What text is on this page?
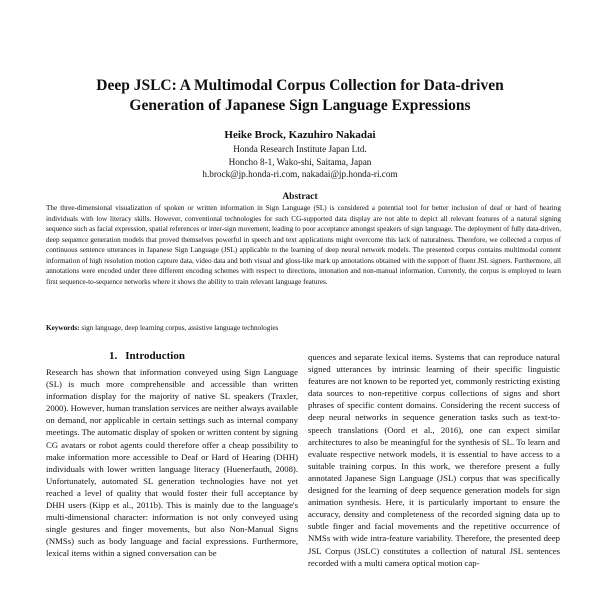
Deep JSLC: A Multimodal Corpus Collection for Data-driven Generation of Japanese Sign Language Expressions
Heike Brock, Kazuhiro Nakadai
Honda Research Institute Japan Ltd.
Honcho 8-1, Wako-shi, Saitama, Japan
h.brock@jp.honda-ri.com, nakadai@jp.honda-ri.com
Abstract
The three-dimensional visualization of spoken or written information in Sign Language (SL) is considered a potential tool for better inclusion of deaf or hard of hearing individuals with low literacy skills. However, conventional technologies for such CG-supported data display are not able to depict all relevant features of a natural signing sequence such as facial expression, spatial references or inter-sign movement, leading to poor acceptance amongst speakers of sign language. The deployment of fully data-driven, deep sequence generation models that proved themselves powerful in speech and text applications might overcome this lack of naturalness. Therefore, we collected a corpus of continuous sentence utterances in Japanese Sign Language (JSL) applicable to the learning of deep neural network models. The presented corpus contains multimodal content information of high resolution motion capture data, video data and both visual and gloss-like mark up annotations obtained with the support of fluent JSL signers. Furthermore, all annotations were encoded under three different encoding schemes with respect to directions, intonation and non-manual information. Currently, the corpus is employed to learn first sequence-to-sequence networks where it shows the ability to train relevant language features.
Keywords: sign language, deep learning corpus, assistive language technologies
1. Introduction
Research has shown that information conveyed using Sign Language (SL) is much more comprehensible and accessible than written information display for the majority of native SL speakers (Traxler, 2000). However, human translation services are neither always available on demand, nor applicable in certain settings such as internal company meetings. The automatic display of spoken or written content by signing CG avatars or robot agents could therefore offer a cheap possibility to make information more accessible to Deaf or Hard of Hearing (DHH) individuals with lower written language literacy (Huenerfauth, 2008). Unfortunately, automated SL generation technologies have not yet reached a level of quality that would foster their full acceptance by DHH users (Kipp et al., 2011b). This is mainly due to the language's multi-dimensional character: information is not only conveyed using single gestures and finger movements, but also Non-Manual Signs (NMSs) such as body language and facial expressions. Furthermore, lexical items within a signed conversation can be
quences and separate lexical items. Systems that can reproduce natural signed utterances by intrinsic learning of their specific linguistic features are not known to be reported yet, commonly restricting existing data sources to non-repetitive corpus collections of signs and short phrases of specific content domains. Considering the recent success of deep neural networks in sequence generation tasks such as text-to-speech translations (Oord et al., 2016), one can expect similar architectures to also be meaningful for the synthesis of SL. To learn and evaluate respective network models, it is essential to have access to a suitable training corpus. In this work, we therefore present a fully annotated Japanese Sign Language (JSL) corpus that was specifically designed for the learning of deep sequence generation models for sign animation synthesis. Here, it is particularly important to ensure the accuracy, density and completeness of the recorded signing data up to subtle finger and facial movements and the repetitive occurrence of NMSs with wide intra-feature variability. Therefore, the presented deep JSL Corpus (JSLC) constitutes a collection of natural JSL sentences recorded with a multi camera optical motion cap-
